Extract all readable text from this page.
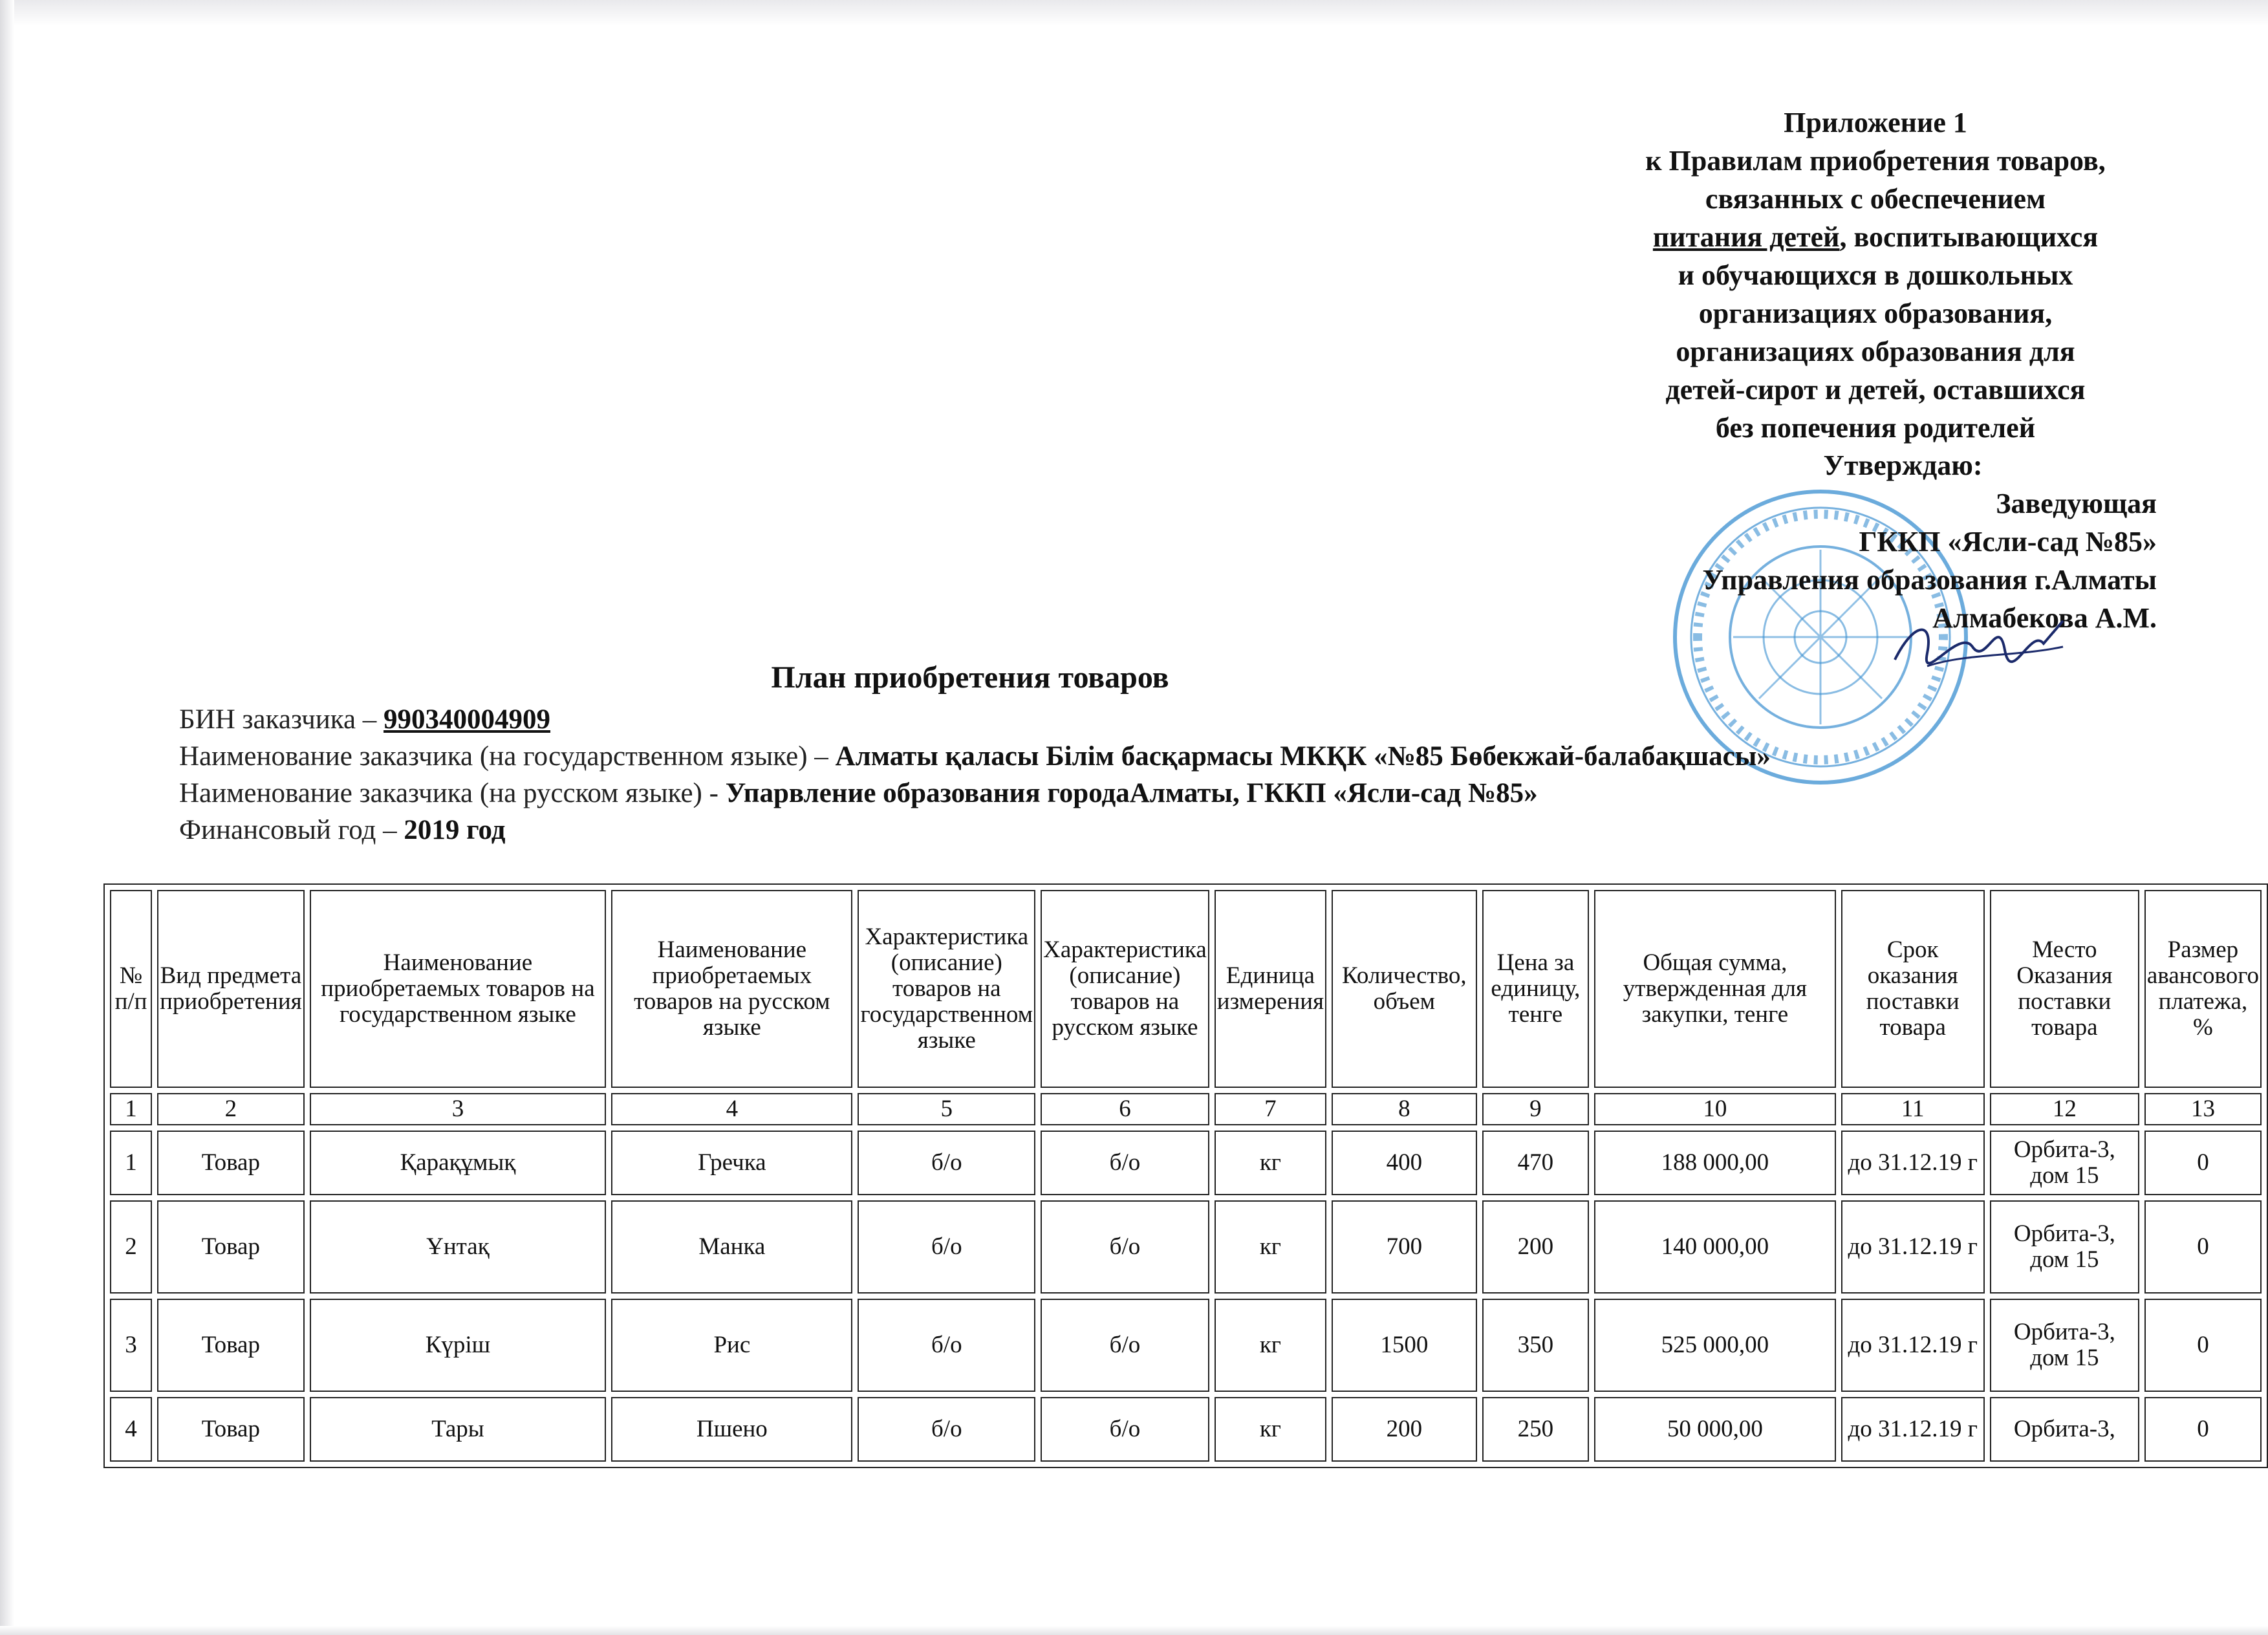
Приложение 1
к Правилам приобретения товаров,
связанных с обеспечением
питания детей, воспитывающихся
и обучающихся в дошкольных
организациях образования,
организациях образования для
детей-сирот и детей, оставшихся
без попечения родителей
Утверждаю:
Заведующая
ГККП «Ясли-сад №85»
Управления образования г.Алматы
Алмабекова А.М.
План приобретения товаров
БИН заказчика – 990340004909
Наименование заказчика (на государственном языке) – Алматы қаласы Білім басқармасы МКҚК «№85 Бөбекжай-балабақшасы»
Наименование заказчика (на русском языке) - Упарвление образования городаАлматы, ГККП «Ясли-сад №85»
Финансовый год – 2019 год
№ п/п	Вид предмета приобретения	Наименование приобретаемых товаров на государственном языке	Наименование приобретаемых товаров на русском языке	Характеристика (описание) товаров на государственном языке	Характеристика (описание) товаров на русском языке	Единица измерения	Количество, объем	Цена за единицу, тенге	Общая сумма, утвержденная для закупки, тенге	Срок оказания поставки товара	Место Оказания поставки товара	Размер авансового платежа, %
1	2	3	4	5	6	7	8	9	10	11	12	13
1	Товар	Қарақұмық	Гречка	б/о	б/о	кг	400	470	188 000,00	до 31.12.19 г	Орбита-3, дом 15	0
2	Товар	Ұнтақ	Манка	б/о	б/о	кг	700	200	140 000,00	до 31.12.19 г	Орбита-3, дом 15	0
3	Товар	Күріш	Рис	б/о	б/о	кг	1500	350	525 000,00	до 31.12.19 г	Орбита-3, дом 15	0
4	Товар	Тары	Пшено	б/о	б/о	кг	200	250	50 000,00	до 31.12.19 г	Орбита-3,	0
